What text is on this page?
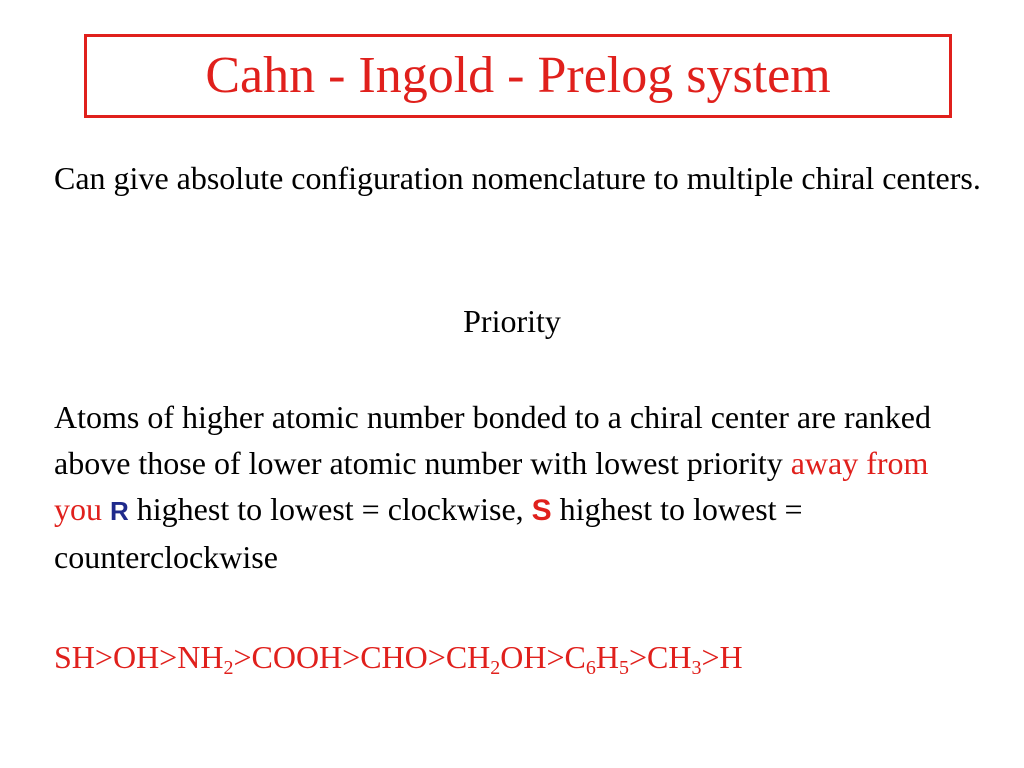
Cahn - Ingold - Prelog system
Can give absolute configuration nomenclature to multiple chiral centers.
Priority
Atoms of higher atomic number bonded to a chiral center are ranked above those of lower atomic number with lowest priority away from you R highest to lowest = clockwise, S highest to lowest = counterclockwise
$SH>OH>NH_2>COOH>CHO>CH_2OH>C_6H_5>CH_3>H$
